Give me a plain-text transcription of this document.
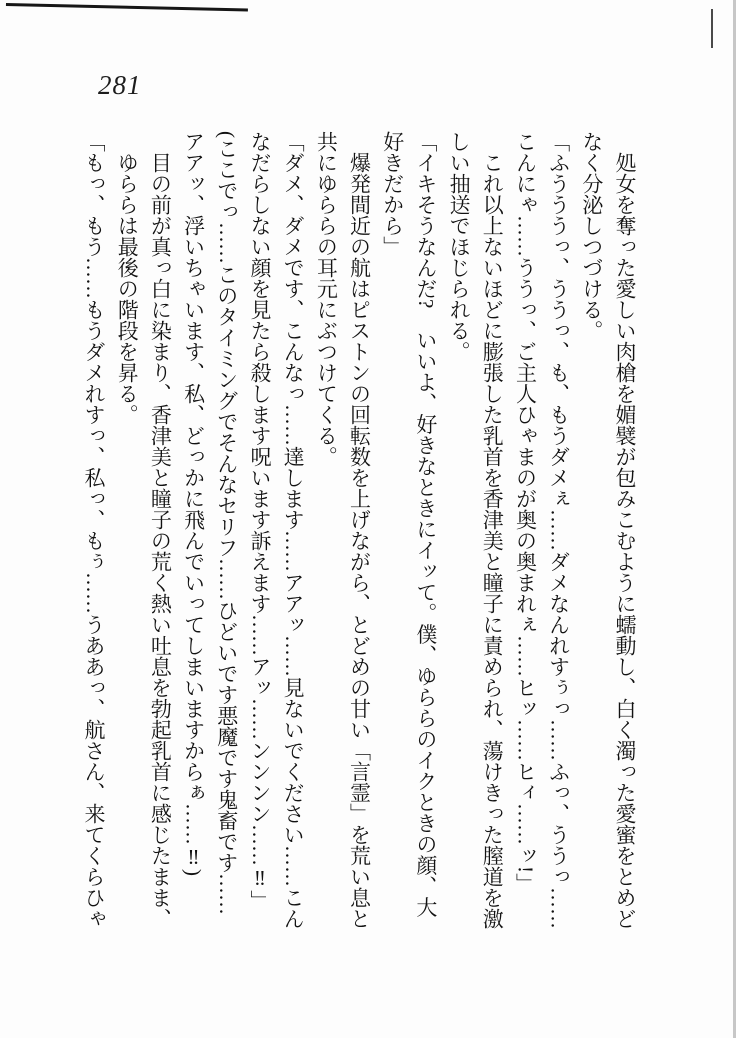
281
処女を奪った愛しい肉槍を媚襞が包みこむように蠕動し、白く濁った愛蜜をとめど
なく分泌しつづける。
「ふうううっ、ううっ、も、もうダメぇ……ダメなんれすぅっ……ふっ、ううっ……
こんにゃ……ううっ、ご主人ひゃまのが奥の奥まれぇ……ヒッ……ヒィ……ッ!」
これ以上ないほどに膨張した乳首を香津美と瞳子に責められ、蕩けきった膣道を激
しい抽送でほじられる。
「イキそうなんだ?　いいよ、好きなときにイッて。僕、ゆららのイクときの顔、大
好きだから」
爆発間近の航はピストンの回転数を上げながら、とどめの甘い「言霊」を荒い息と
共にゆららの耳元にぶつけてくる。
「ダメ、ダメです、こんなっ……達します……アアッ……見ないでください……こん
なだらしない顔を見たら殺します呪います訴えます……アッ……ンンンン……‼」
(ここでっ……このタイミングでそんなセリフ……ひどいです悪魔です鬼畜です……
アアッ、浮いちゃいます、私、どっかに飛んでいってしまいますからぁ……‼)
目の前が真っ白に染まり、香津美と瞳子の荒く熱い吐息を勃起乳首に感じたまま、
ゆららは最後の階段を昇る。
「もっ、もう……もうダメれすっ、私っ、もぅ……うああっ、航さん、来てくらひゃ
